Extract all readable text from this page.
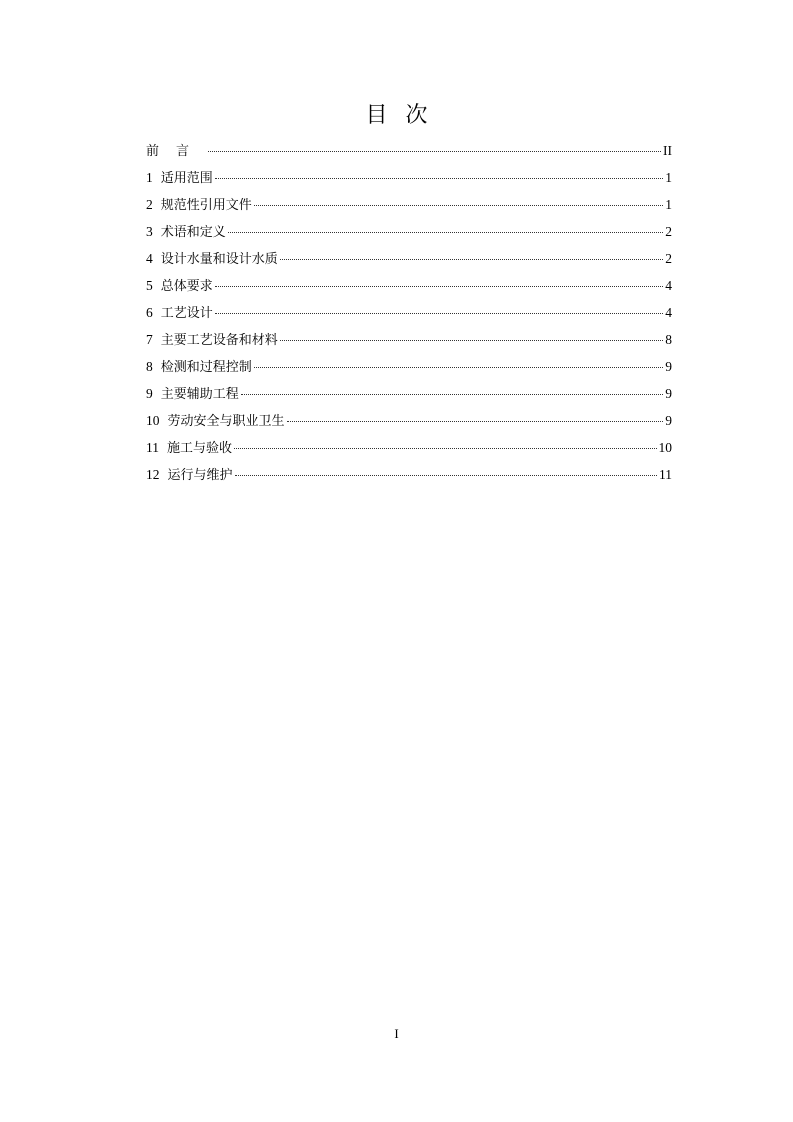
目次
前言	II
1 适用范围	1
2 规范性引用文件	1
3 术语和定义	2
4 设计水量和设计水质	2
5 总体要求	4
6 工艺设计	4
7 主要工艺设备和材料	8
8 检测和过程控制	9
9 主要辅助工程	9
10 劳动安全与职业卫生	9
11 施工与验收	10
12 运行与维护	11
I
